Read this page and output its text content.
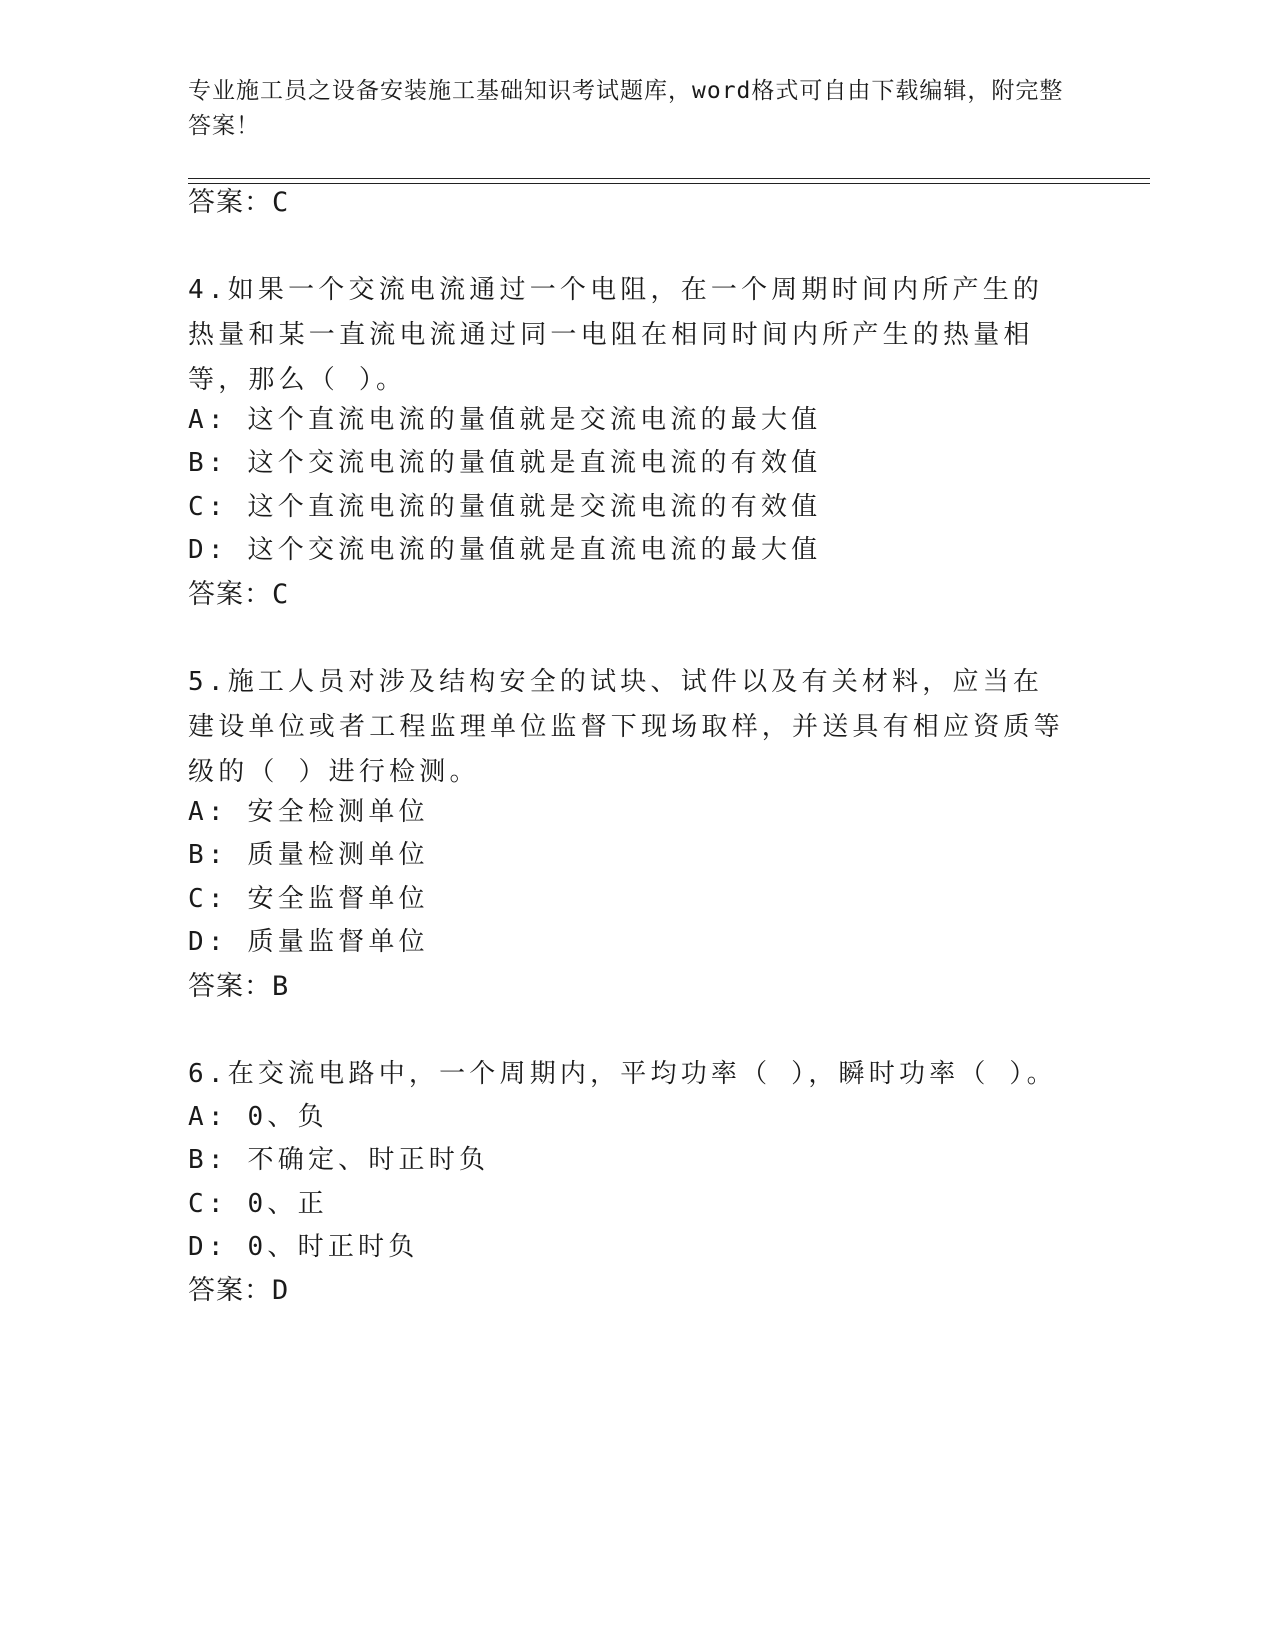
专业施工员之设备安装施工基础知识考试题库，word格式可自由下载编辑，附完整答案！
答案：C
4.如果一个交流电流通过一个电阻，在一个周期时间内所产生的热量和某一直流电流通过同一电阻在相同时间内所产生的热量相等，那么（ ）。
A: 这个直流电流的量值就是交流电流的最大值
B: 这个交流电流的量值就是直流电流的有效值
C: 这个直流电流的量值就是交流电流的有效值
D: 这个交流电流的量值就是直流电流的最大值
答案：C
5.施工人员对涉及结构安全的试块、试件以及有关材料，应当在建设单位或者工程监理单位监督下现场取样，并送具有相应资质等级的（ ）进行检测。
A: 安全检测单位
B: 质量检测单位
C: 安全监督单位
D: 质量监督单位
答案：B
6.在交流电路中，一个周期内，平均功率（ ），瞬时功率（ ）。
A: 0、负
B: 不确定、时正时负
C: 0、正
D: 0、时正时负
答案：D
